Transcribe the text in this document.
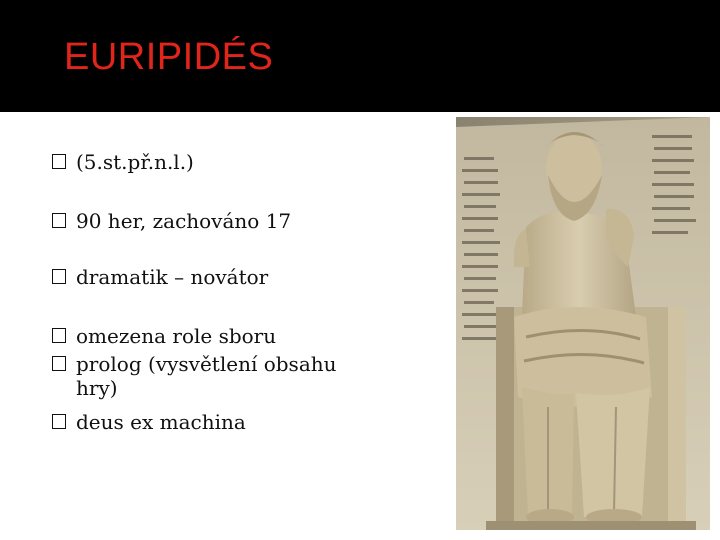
EURIPIDÉS
(5.st.př.n.l.)
90 her, zachováno 17
dramatik – novátor
omezena role sboru
prolog (vysvětlení obsahu hry)
deus ex machina
